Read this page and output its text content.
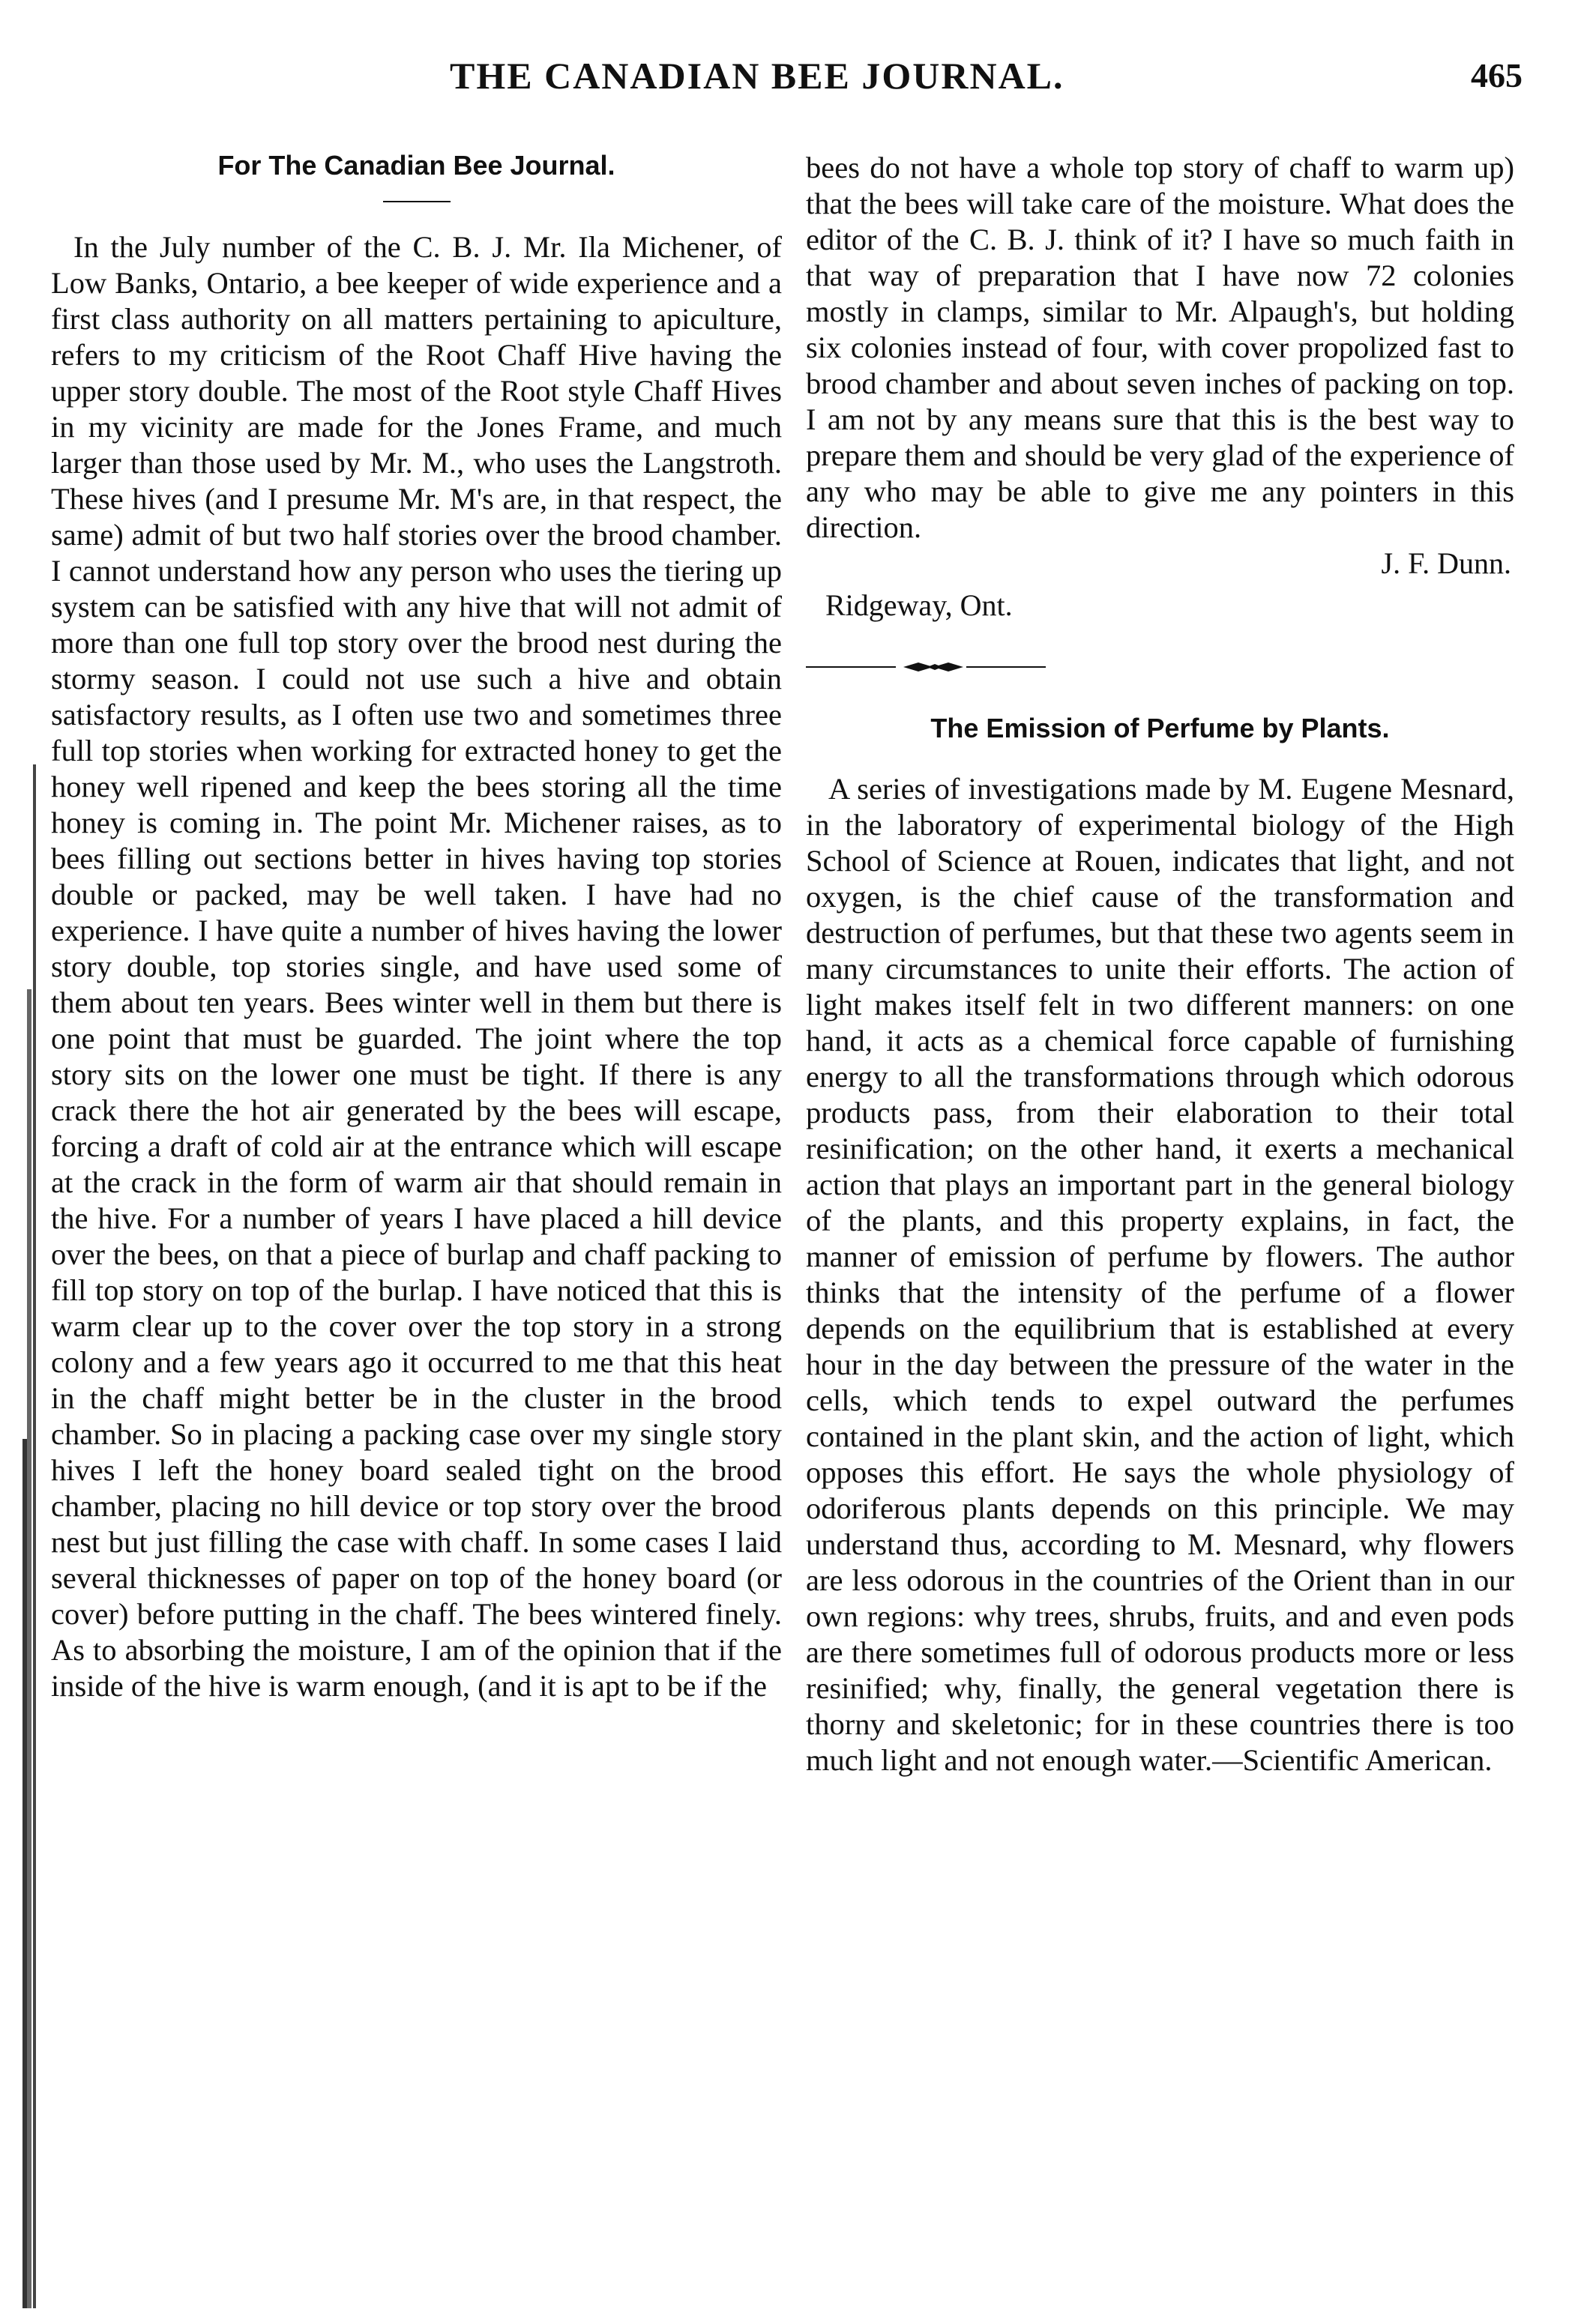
THE CANADIAN BEE JOURNAL.	465
For The Canadian Bee Journal.

In the July number of the C. B. J. Mr. Ila Michener, of Low Banks, Ontario, a bee keeper of wide experience and a first class authority on all matters pertaining to apiculture, refers to my criticism of the Root Chaff Hive having the upper story double. The most of the Root style Chaff Hives in my vicinity are made for the Jones Frame, and much larger than those used by Mr. M., who uses the Langstroth. These hives (and I presume Mr. M's are, in that respect, the same) admit of but two half stories over the brood chamber. I cannot understand how any person who uses the tiering up system can be satisfied with any hive that will not admit of more than one full top story over the brood nest during the stormy season. I could not use such a hive and obtain satisfactory results, as I often use two and sometimes three full top stories when working for extracted honey to get the honey well ripened and keep the bees storing all the time honey is coming in. The point Mr. Michener raises, as to bees filling out sections better in hives having top stories double or packed, may be well taken. I have had no experience. I have quite a number of hives having the lower story double, top stories single, and have used some of them about ten years. Bees winter well in them but there is one point that must be guarded. The joint where the top story sits on the lower one must be tight. If there is any crack there the hot air generated by the bees will escape, forcing a draft of cold air at the entrance which will escape at the crack in the form of warm air that should remain in the hive. For a number of years I have placed a hill device over the bees, on that a piece of burlap and chaff packing to fill top story on top of the burlap. I have noticed that this is warm clear up to the cover over the top story in a strong colony and a few years ago it occurred to me that this heat in the chaff might better be in the cluster in the brood chamber. So in placing a packing case over my single story hives I left the honey board sealed tight on the brood chamber, placing no hill device or top story over the brood nest but just filling the case with chaff. In some cases I laid several thicknesses of paper on top of the honey board (or cover) before putting in the chaff. The bees wintered finely. As to absorbing the moisture, I am of the opinion that if the inside of the hive is warm enough, (and it is apt to be if the

bees do not have a whole top story of chaff to warm up) that the bees will take care of the moisture. What does the editor of the C. B. J. think of it? I have so much faith in that way of preparation that I have now 72 colonies mostly in clamps, similar to Mr. Alpaugh's, but holding six colonies instead of four, with cover propolized fast to brood chamber and about seven inches of packing on top. I am not by any means sure that this is the best way to prepare them and should be very glad of the experience of any who may be able to give me any pointers in this direction.

J. F. Dunn.

Ridgeway, Ont.

The Emission of Perfume by Plants.

A series of investigations made by M. Eugene Mesnard, in the laboratory of experimental biology of the High School of Science at Rouen, indicates that light, and not oxygen, is the chief cause of the transformation and destruction of perfumes, but that these two agents seem in many circumstances to unite their efforts. The action of light makes itself felt in two different manners: on one hand, it acts as a chemical force capable of furnishing energy to all the transformations through which odorous products pass, from their elaboration to their total resinification; on the other hand, it exerts a mechanical action that plays an important part in the general biology of the plants, and this property explains, in fact, the manner of emission of perfume by flowers. The author thinks that the intensity of the perfume of a flower depends on the equilibrium that is established at every hour in the day between the pressure of the water in the cells, which tends to expel outward the perfumes contained in the plant skin, and the action of light, which opposes this effort. He says the whole physiology of odoriferous plants depends on this principle. We may understand thus, according to M. Mesnard, why flowers are less odorous in the countries of the Orient than in our own regions: why trees, shrubs, fruits, and and even pods are there sometimes full of odorous products more or less resinified; why, finally, the general vegetation there is thorny and skeletonic; for in these countries there is too much light and not enough water.—Scientific American.
